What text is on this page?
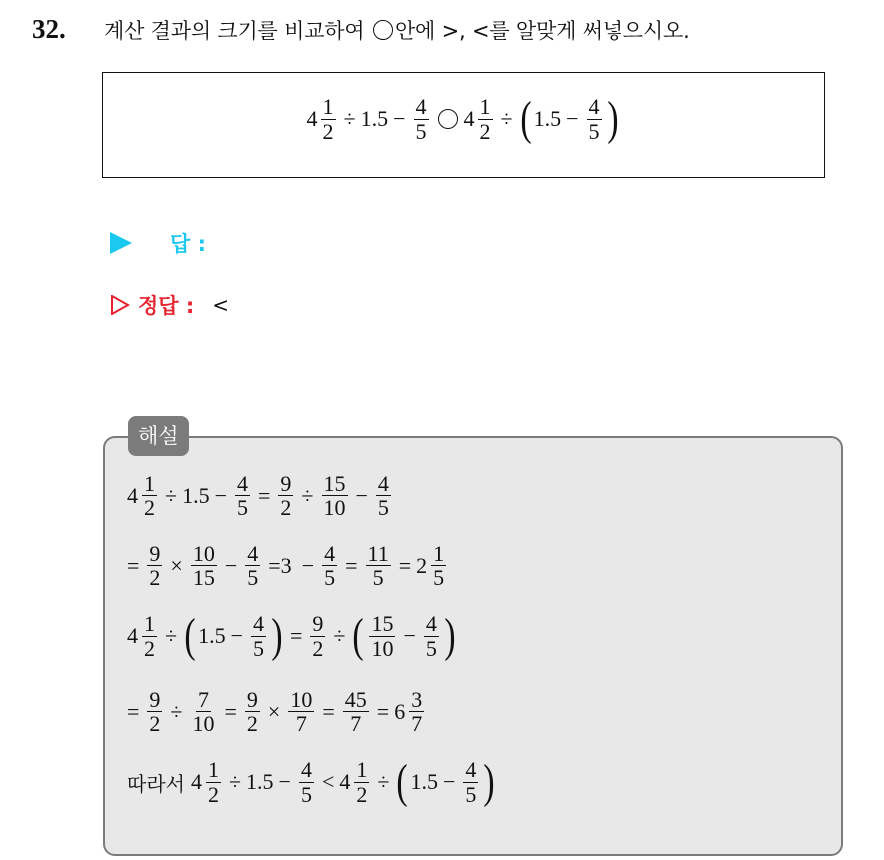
32. 계산 결과의 크기를 비교하여 안에 >, <를 알맞게 써넣으시오.
$4 \frac{1}{2} \div 1.5 - \frac{4}{5} 4 \frac{1}{2}$ ÷ ( $1.5 - \frac{4}{5}$ )
답 :
정답 : <
해설
$4 \frac{1}{2} \div 1.5 - \frac{4}{5} = \frac{9}{2} \div \frac{15}{10} - \frac{4}{5}$
= $\frac{9}{2} \times \frac{10}{15} - \frac{4}{5} =3 - \frac{4}{5} = \frac{11}{5} = 2 \frac{1}{5}$
$4 \frac{1}{2}$ ÷ ( $1.5 - \frac{4}{5}$ ) = $\frac{9}{2}$ ÷ ( $\frac{15}{10} - \frac{4}{5}$ )
= $\frac{9}{2} \div \frac{7}{10} = \frac{9}{2} \times \frac{10}{7} = \frac{45}{7} = 6 \frac{3}{7}$
따라서 $4 \frac{1}{2} \div 1.5 - \frac{4}{5} < 4 \frac{1}{2}$ ÷ ( $1.5 - \frac{4}{5}$ )
